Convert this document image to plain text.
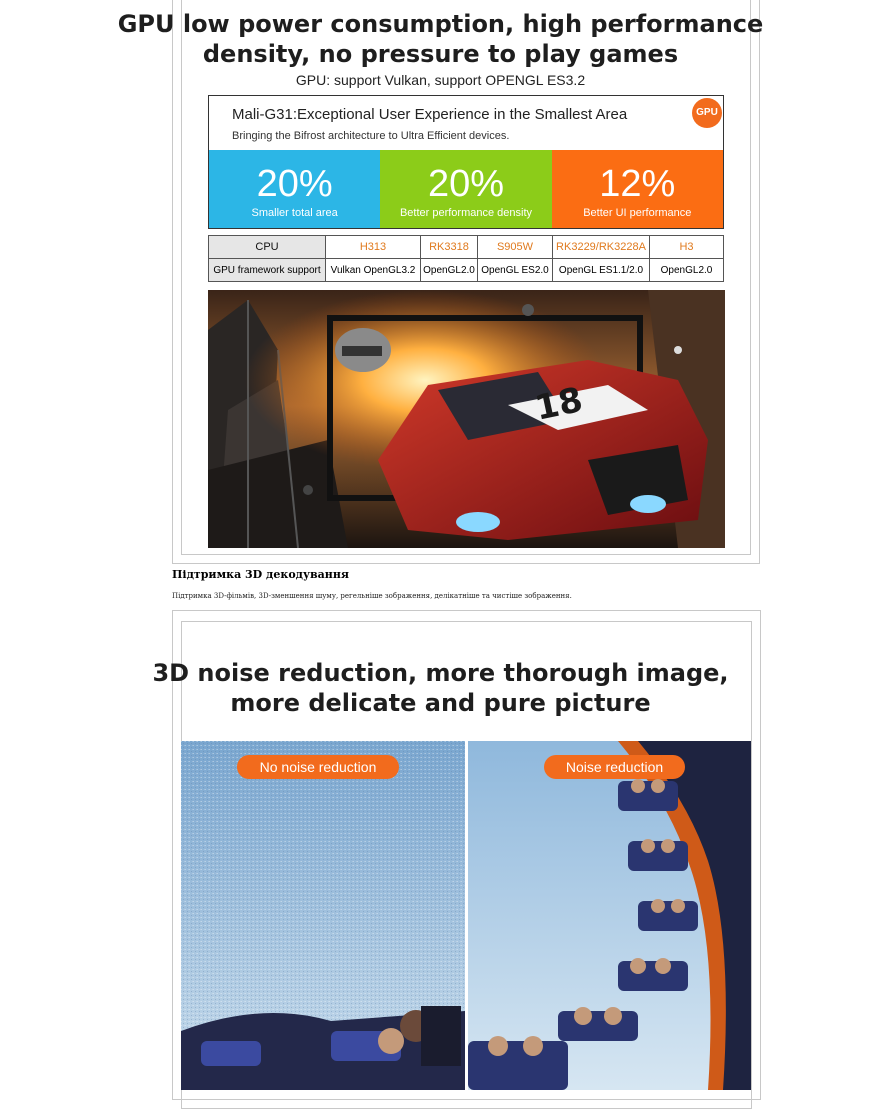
GPU low power consumption, high performance
density, no pressure to play games
GPU: support Vulkan, support OPENGL ES3.2
Mali-G31:Exceptional User Experience in the Smallest Area
Bringing the Bifrost architecture to Ultra Efficient devices.
GPU
20%
Smaller total area
20%
Better performance density
12%
Better UI performance
CPU	H313	RK3318	S905W	RK3229/RK3228A	H3
GPU framework support	Vulkan OpenGL3.2	OpenGL2.0	OpenGL ES2.0	OpenGL ES1.1/2.0	OpenGL2.0
18
Підтримка 3D декодування
Підтримка 3D-фільмів, 3D-зменшення шуму, регельніше зображення, делікатніше та чистіше зображення.
3D noise reduction, more thorough image,
more delicate and pure picture
No noise reduction	Noise reduction
